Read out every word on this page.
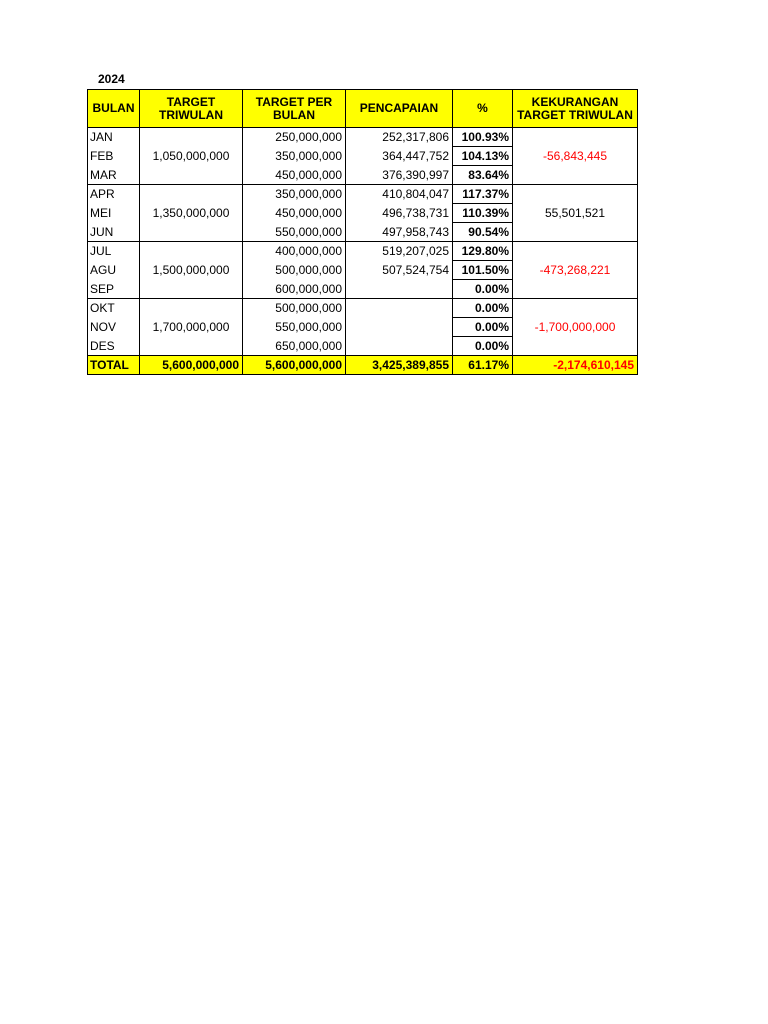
2024
BULAN	TARGET TRIWULAN	TARGET PER BULAN	PENCAPAIAN	%	KEKURANGAN TARGET TRIWULAN
JAN	1,050,000,000	250,000,000	252,317,806	100.93%	-56,843,445
FEB		350,000,000	364,447,752	104.13%	
MAR		450,000,000	376,390,997	83.64%	
APR	1,350,000,000	350,000,000	410,804,047	117.37%	55,501,521
MEI		450,000,000	496,738,731	110.39%	
JUN		550,000,000	497,958,743	90.54%	
JUL	1,500,000,000	400,000,000	519,207,025	129.80%	-473,268,221
AGU		500,000,000	507,524,754	101.50%	
SEP		600,000,000		0.00%	
OKT	1,700,000,000	500,000,000		0.00%	-1,700,000,000
NOV		550,000,000		0.00%	
DES		650,000,000		0.00%	
TOTAL	5,600,000,000	5,600,000,000	3,425,389,855	61.17%	-2,174,610,145
